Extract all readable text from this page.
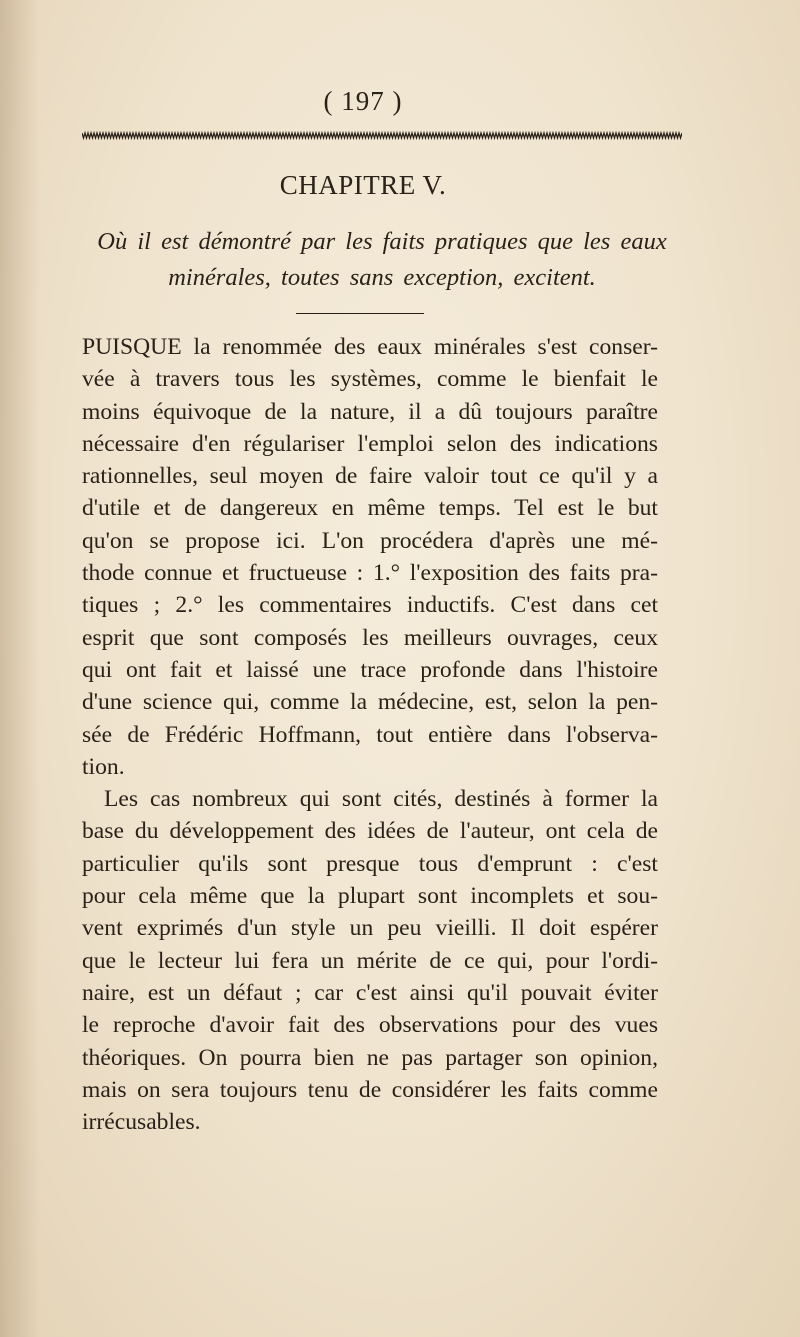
( 197 )
CHAPITRE V.
Où il est démontré par les faits pratiques que les eaux
minérales, toutes sans exception, excitent.
PUISQUE la renommée des eaux minérales s'est conser-
vée à travers tous les systèmes, comme le bienfait le
moins équivoque de la nature, il a dû toujours paraître
nécessaire d'en régulariser l'emploi selon des indications
rationnelles, seul moyen de faire valoir tout ce qu'il y a
d'utile et de dangereux en même temps. Tel est le but
qu'on se propose ici. L'on procédera d'après une mé-
thode connue et fructueuse : 1.° l'exposition des faits pra-
tiques ; 2.° les commentaires inductifs. C'est dans cet
esprit que sont composés les meilleurs ouvrages, ceux
qui ont fait et laissé une trace profonde dans l'histoire
d'une science qui, comme la médecine, est, selon la pen-
sée de Frédéric Hoffmann, tout entière dans l'observa-
tion.
Les cas nombreux qui sont cités, destinés à former la
base du développement des idées de l'auteur, ont cela de
particulier qu'ils sont presque tous d'emprunt : c'est
pour cela même que la plupart sont incomplets et sou-
vent exprimés d'un style un peu vieilli. Il doit espérer
que le lecteur lui fera un mérite de ce qui, pour l'ordi-
naire, est un défaut ; car c'est ainsi qu'il pouvait éviter
le reproche d'avoir fait des observations pour des vues
théoriques. On pourra bien ne pas partager son opinion,
mais on sera toujours tenu de considérer les faits comme
irrécusables.
